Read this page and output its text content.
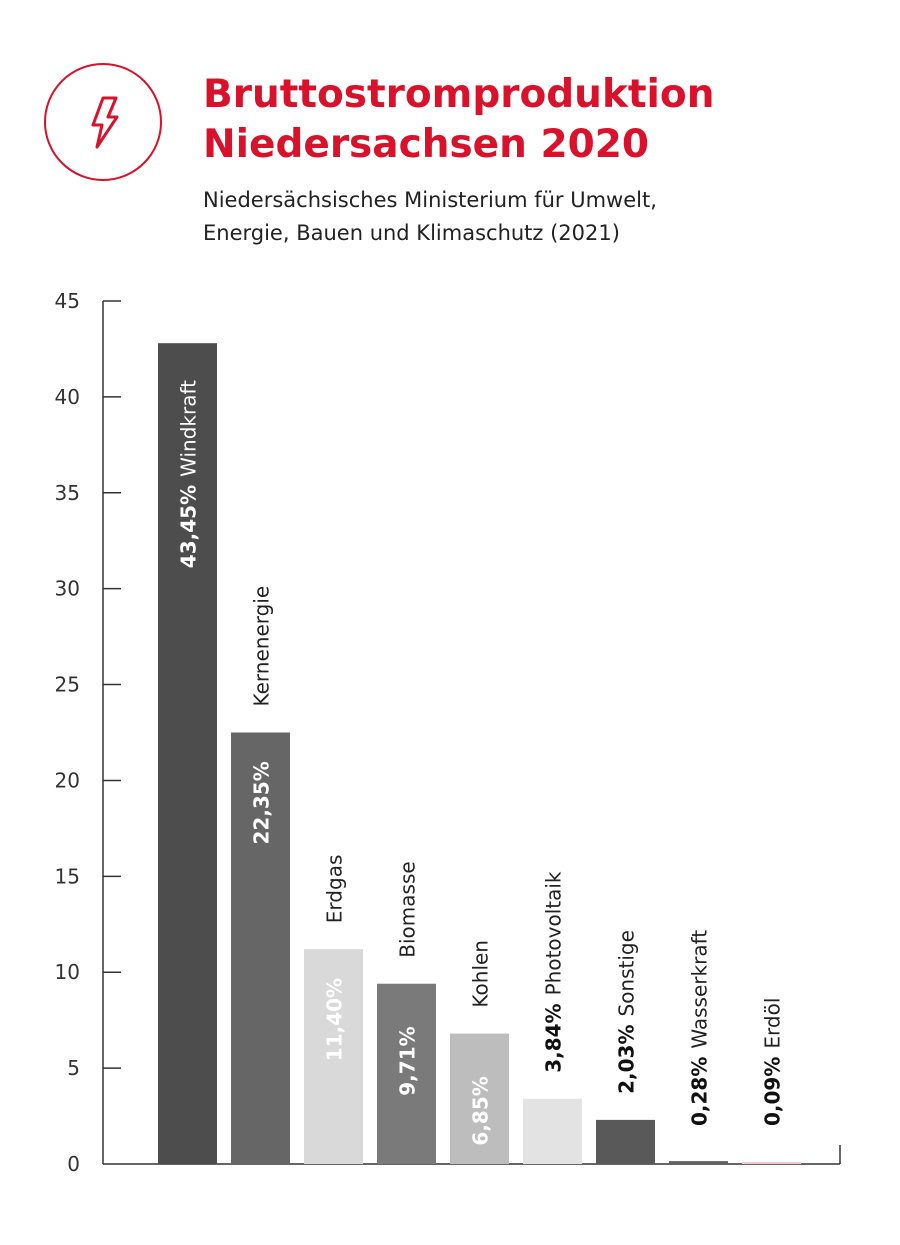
Bruttostromproduktion
Niedersachsen 2020

Niedersächsisches Ministerium für Umwelt,
Energie, Bauen und Klimaschutz (2021)

0
5
10
15
20
25
30
35
40
45
43,45%Windkraft
22,35%
Kernenergie
11,40%
Erdgas
9,71%
Biomasse
6,85%
Kohlen
3,84%Photovoltaik
2,03%Sonstige
0,28%Wasserkraft
0,09%Erdöl
